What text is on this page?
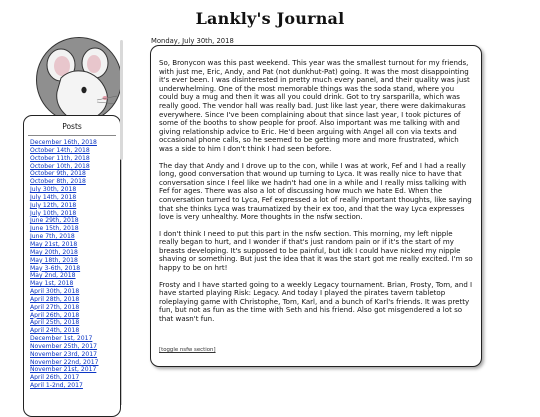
Lankly's Journal
Posts
December 16th, 2018
October 14th, 2018
October 11th, 2018
October 10th, 2018
October 9th, 2018
October 8th, 2018
July 30th, 2018
July 14th, 2018
July 12th, 2018
July 10th, 2018
June 29th, 2018
June 15th, 2018
June 7th, 2018
May 21st, 2018
May 20th, 2018
May 18th, 2018
May 3-6th, 2018
May 2nd, 2018
May 1st, 2018
April 30th, 2018
April 28th, 2018
April 27th, 2018
April 26th, 2018
April 25th, 2018
April 24th, 2018
December 1st, 2017
November 25th, 2017
November 23rd, 2017
November 22nd, 2017
November 21st, 2017
April 26th, 2017
April 1-2nd, 2017
Monday, July 30th, 2018

So, Bronycon was this past weekend. This year was the smallest turnout for my friends, with just me, Eric, Andy, and Pat (not dunkhut-Pat) going. It was the most disappointing it's ever been. I was disinterested in pretty much every panel, and their quality was just underwhelming. One of the most memorable things was the soda stand, where you could buy a mug and then it was all you could drink. Got to try sarsparilla, which was really good. The vendor hall was really bad. Just like last year, there were dakimakuras everywhere. Since I've been complaining about that since last year, I took pictures of some of the booths to show people for proof. Also important was me talking with and giving relationship advice to Eric. He'd been arguing with Angel all con via texts and occasional phone calls, so he seemed to be getting more and more frustrated, which was a side to him I don't think I had seen before.

The day that Andy and I drove up to the con, while I was at work, Fef and I had a really long, good conversation that wound up turning to Lyca. It was really nice to have that conversation since I feel like we hadn't had one in a while and I really miss talking with Fef for ages. There was also a lot of discussing how much we hate Ed. When the conversation turned to Lyca, Fef expressed a lot of really important thoughts, like saying that she thinks Lyca was traumatized by their ex too, and that the way Lyca expresses love is very unhealthy. More thoughts in the nsfw section.

I don't think I need to put this part in the nsfw section. This morning, my left nipple really began to hurt, and I wonder if that's just random pain or if it's the start of my breasts developing. It's supposed to be painful, but idk I could have nicked my nipple shaving or something. But just the idea that it was the start got me really excited. I'm so happy to be on hrt!

Frosty and I have started going to a weekly Legacy tournament. Brian, Frosty, Tom, and I have started playing Risk: Legacy. And today I played the pirates tavern tabletop roleplaying game with Christophe, Tom, Karl, and a bunch of Karl's friends. It was pretty fun, but not as fun as the time with Seth and his friend. Also got misgendered a lot so that wasn't fun.

[toggle nsfw section]
